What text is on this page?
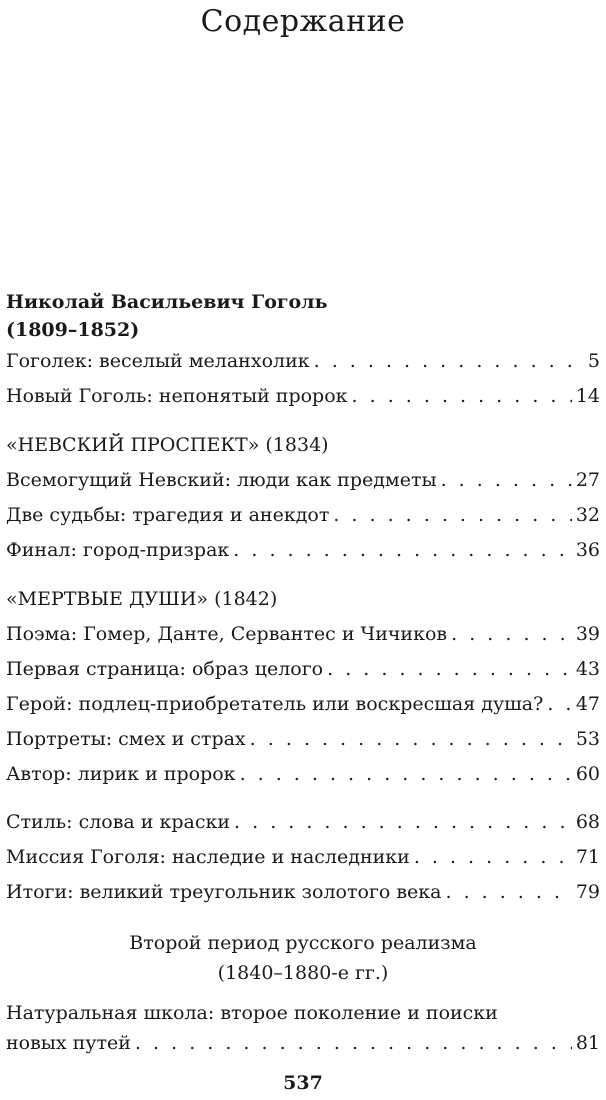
Содержание
Николай Васильевич Гоголь
(1809–1852)
Гоголек: веселый меланхолик . . .	5
Новый Гоголь: непонятый пророк . . .	14
«НЕВСКИЙ ПРОСПЕКТ» (1834)
Всемогущий Невский: люди как предметы . . .	27
Две судьбы: трагедия и анекдот . . .	32
Финал: город-призрак . . .	36
«МЕРТВЫЕ ДУШИ» (1842)
Поэма: Гомер, Данте, Сервантес и Чичиков . . .	39
Первая страница: образ целого . . .	43
Герой: подлец-приобретатель или воскресшая душа? . . . 47
Портреты: смех и страх . . .	53
Автор: лирик и пророк . . .	60
Стиль: слова и краски . . .	68
Миссия Гоголя: наследие и наследники . . .	71
Итоги: великий треугольник золотого века . . .	79
Второй период русского реализма
(1840–1880-е гг.)
Натуральная школа: второе поколение и поиски
новых путей . . .	81
537
